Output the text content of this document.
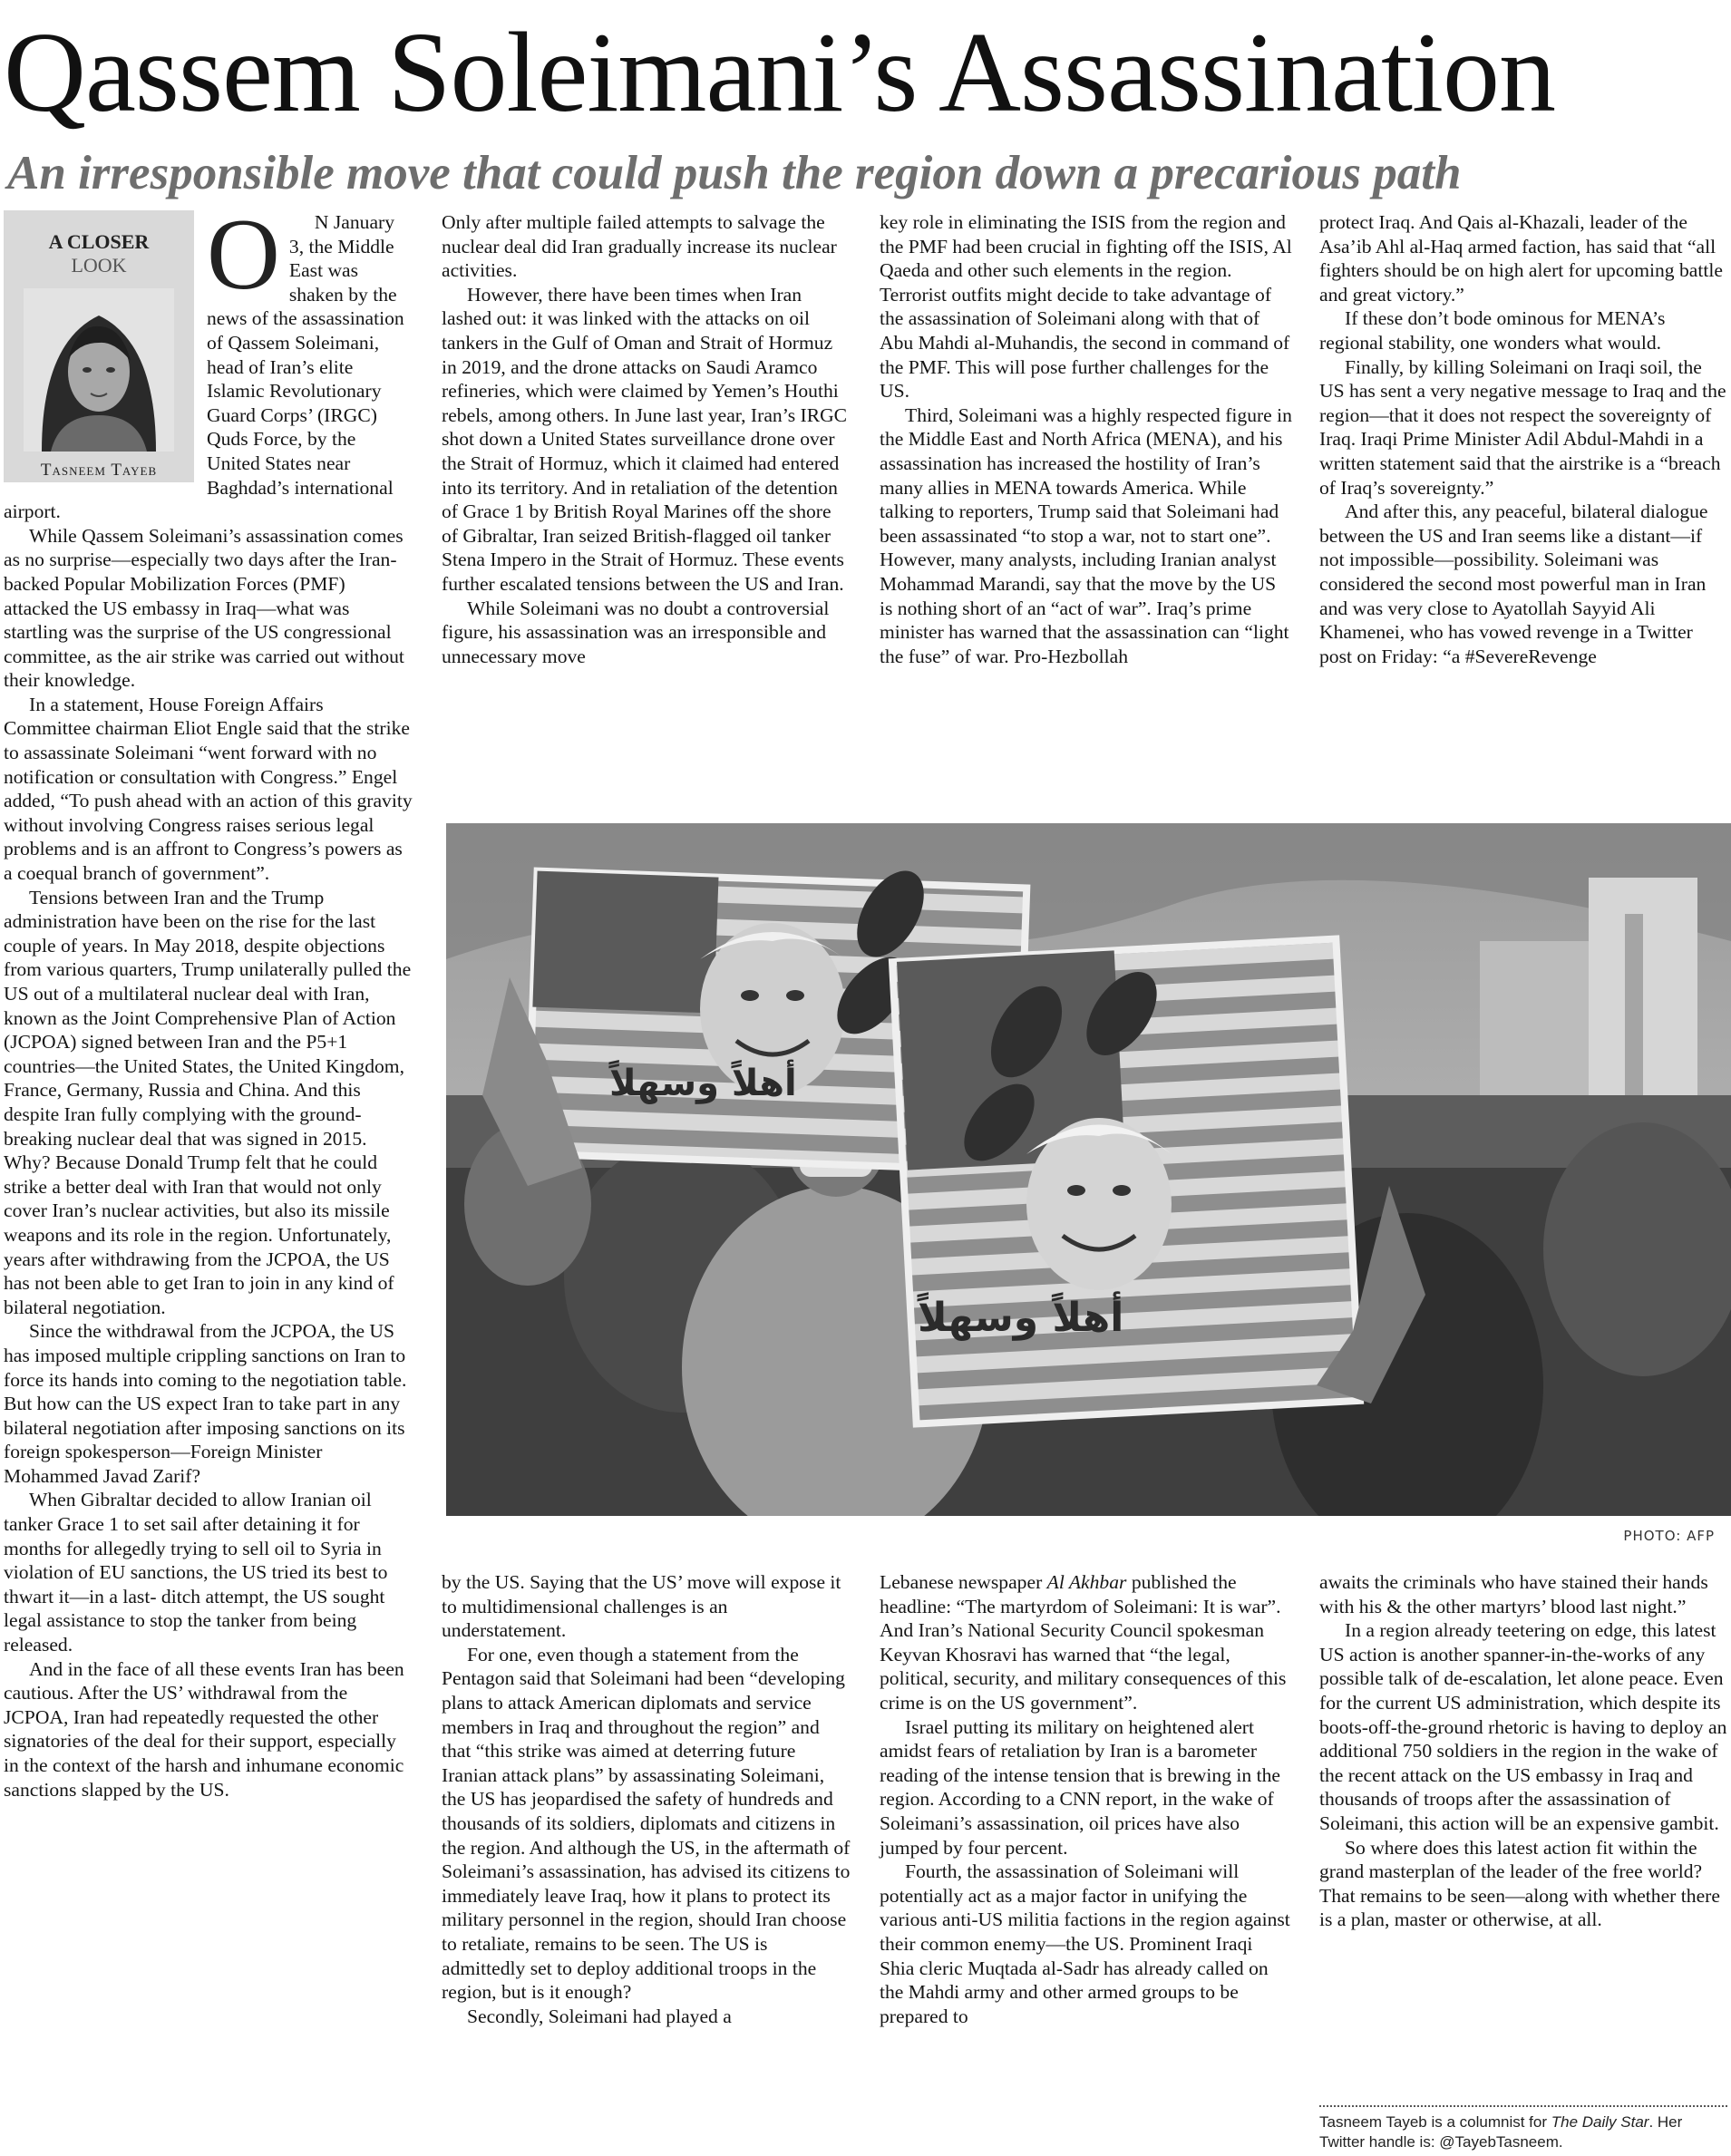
Qassem Soleimani’s Assassination
An irresponsible move that could push the region down a precarious path
A CLOSER
LOOK
Tasneem Tayeb
O	N January 3, the Middle East was shaken by the news of the assassination of Qassem Soleimani, head of Iran’s elite Islamic Revolutionary Guard Corps’ (IRGC) Quds Force, by the United States near Baghdad’s international airport.

While Qassem Soleimani’s assassination comes as no surprise—especially two days after the Iran-backed Popular Mobilization Forces (PMF) attacked the US embassy in Iraq—what was startling was the surprise of the US congressional committee, as the air strike was carried out without their knowledge.

In a statement, House Foreign Affairs Committee chairman Eliot Engle said that the strike to assassinate Soleimani “went forward with no notification or consultation with Congress.” Engel added, “To push ahead with an action of this gravity without involving Congress raises serious legal problems and is an affront to Congress’s powers as a coequal branch of government”.

Tensions between Iran and the Trump administration have been on the rise for the last couple of years. In May 2018, despite objections from various quarters, Trump unilaterally pulled the US out of a multilateral nuclear deal with Iran, known as the Joint Comprehensive Plan of Action (JCPOA) signed between Iran and the P5+1 countries—the United States, the United Kingdom, France, Germany, Russia and China. And this despite Iran fully complying with the ground-breaking nuclear deal that was signed in 2015. Why? Because Donald Trump felt that he could strike a better deal with Iran that would not only cover Iran’s nuclear activities, but also its missile weapons and its role in the region. Unfortunately, years after withdrawing from the JCPOA, the US has not been able to get Iran to join in any kind of bilateral negotiation.

Since the withdrawal from the JCPOA, the US has imposed multiple crippling sanctions on Iran to force its hands into coming to the negotiation table. But how can the US expect Iran to take part in any bilateral negotiation after imposing sanctions on its foreign spokesperson—Foreign Minister Mohammed Javad Zarif?

When Gibraltar decided to allow Iranian oil tanker Grace 1 to set sail after detaining it for months for allegedly trying to sell oil to Syria in violation of EU sanctions, the US tried its best to thwart it—in a last- ditch attempt, the US sought legal assistance to stop the tanker from being released.

And in the face of all these events Iran has been cautious. After the US’ withdrawal from the JCPOA, Iran had repeatedly requested the other signatories of the deal for their support, especially in the context of the harsh and inhumane economic sanctions slapped by the US.

Only after multiple failed attempts to salvage the nuclear deal did Iran gradually increase its nuclear activities.

However, there have been times when Iran lashed out: it was linked with the attacks on oil tankers in the Gulf of Oman and Strait of Hormuz in 2019, and the drone attacks on Saudi Aramco refineries, which were claimed by Yemen’s Houthi rebels, among others. In June last year, Iran’s IRGC shot down a United States surveillance drone over the Strait of Hormuz, which it claimed had entered into its territory. And in retaliation of the detention of Grace 1 by British Royal Marines off the shore of Gibraltar, Iran seized British-flagged oil tanker Stena Impero in the Strait of Hormuz. These events further escalated tensions between the US and Iran.

While Soleimani was no doubt a controversial figure, his assassination was an irresponsible and unnecessary move

key role in eliminating the ISIS from the region and the PMF had been crucial in fighting off the ISIS, Al Qaeda and other such elements in the region. Terrorist outfits might decide to take advantage of the assassination of Soleimani along with that of Abu Mahdi al-Muhandis, the second in command of the PMF. This will pose further challenges for the US.

Third, Soleimani was a highly respected figure in the Middle East and North Africa (MENA), and his assassination has increased the hostility of Iran’s many allies in MENA towards America. While talking to reporters, Trump said that Soleimani had been assassinated “to stop a war, not to start one”. However, many analysts, including Iranian analyst Mohammad Marandi, say that the move by the US is nothing short of an “act of war”. Iraq’s prime minister has warned that the assassination can “light the fuse” of war. Pro-Hezbollah

protect Iraq. And Qais al-Khazali, leader of the Asa’ib Ahl al-Haq armed faction, has said that “all fighters should be on high alert for upcoming battle and great victory.”

If these don’t bode ominous for MENA’s regional stability, one wonders what would.

Finally, by killing Soleimani on Iraqi soil, the US has sent a very negative message to Iraq and the region—that it does not respect the sovereignty of Iraq. Iraqi Prime Minister Adil Abdul-Mahdi in a written statement said that the airstrike is a “breach of Iraq’s sovereignty.”

And after this, any peaceful, bilateral dialogue between the US and Iran seems like a distant—if not impossible—possibility. Soleimani was considered the second most powerful man in Iran and was very close to Ayatollah Sayyid Ali Khamenei, who has vowed revenge in a Twitter post on Friday: “a #SevereRevenge

أهلاً وسهلاً
أهلاً وسهلاً
PHOTO: AFP

by the US. Saying that the US’ move will expose it to multidimensional challenges is an understatement.

For one, even though a statement from the Pentagon said that Soleimani had been “developing plans to attack American diplomats and service members in Iraq and throughout the region” and that “this strike was aimed at deterring future Iranian attack plans” by assassinating Soleimani, the US has jeopardised the safety of hundreds and thousands of its soldiers, diplomats and citizens in the region. And although the US, in the aftermath of Soleimani’s assassination, has advised its citizens to immediately leave Iraq, how it plans to protect its military personnel in the region, should Iran choose to retaliate, remains to be seen. The US is admittedly set to deploy additional troops in the region, but is it enough?

Secondly, Soleimani had played a

Lebanese newspaper Al Akhbar published the headline: “The martyrdom of Soleimani: It is war”. And Iran’s National Security Council spokesman Keyvan Khosravi has warned that “the legal, political, security, and military consequences of this crime is on the US government”.

Israel putting its military on heightened alert amidst fears of retaliation by Iran is a barometer reading of the intense tension that is brewing in the region. According to a CNN report, in the wake of Soleimani’s assassination, oil prices have also jumped by four percent.

Fourth, the assassination of Soleimani will potentially act as a major factor in unifying the various anti-US militia factions in the region against their common enemy—the US. Prominent Iraqi Shia cleric Muqtada al-Sadr has already called on the Mahdi army and other armed groups to be prepared to

awaits the criminals who have stained their hands with his & the other martyrs’ blood last night.”

In a region already teetering on edge, this latest US action is another spanner-in-the-works of any possible talk of de-escalation, let alone peace. Even for the current US administration, which despite its boots-off-the-ground rhetoric is having to deploy an additional 750 soldiers in the region in the wake of the recent attack on the US embassy in Iraq and thousands of troops after the assassination of Soleimani, this action will be an expensive gambit.

So where does this latest action fit within the grand masterplan of the leader of the free world? That remains to be seen—along with whether there is a plan, master or otherwise, at all.

Tasneem Tayeb is a columnist for The Daily Star. Her Twitter handle is: @TayebTasneem.
